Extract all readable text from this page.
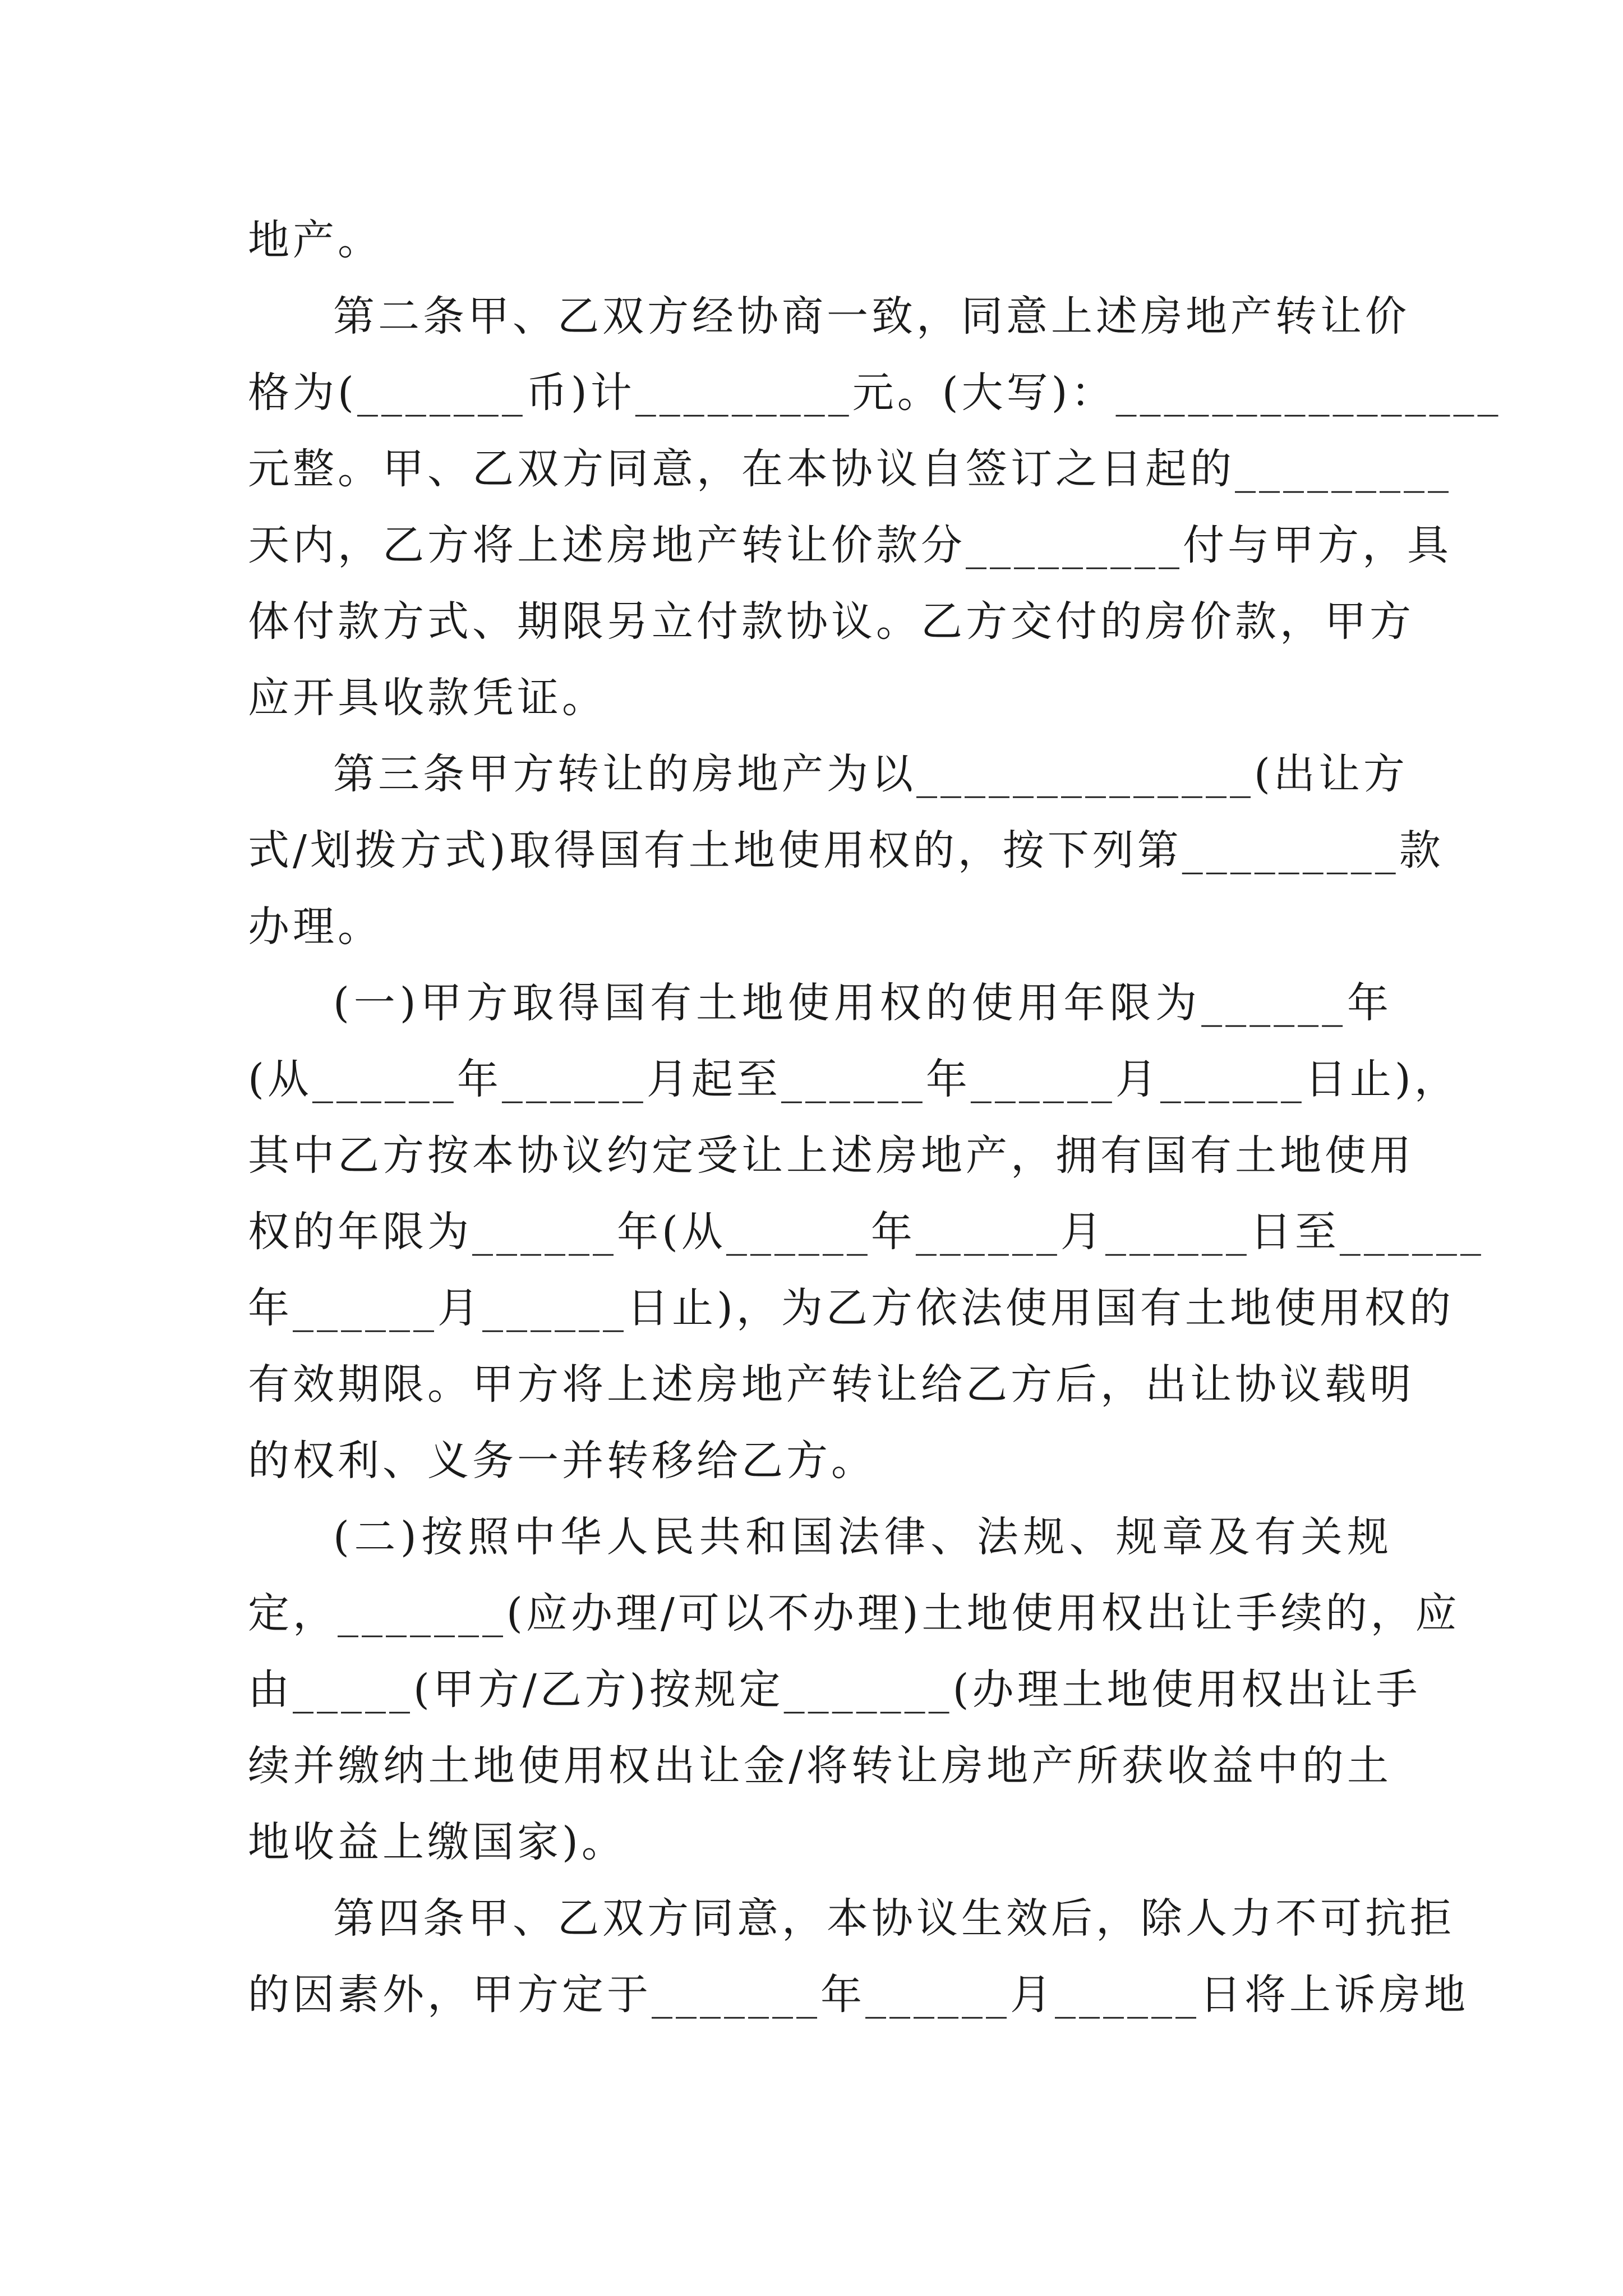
地产。
第二条甲、乙双方经协商一致，同意上述房地产转让价
格为(_______币)计_________元。(大写)：________________
元整。甲、乙双方同意，在本协议自签订之日起的_________
天内，乙方将上述房地产转让价款分_________付与甲方，具
体付款方式、期限另立付款协议。乙方交付的房价款，甲方
应开具收款凭证。
第三条甲方转让的房地产为以______________(出让方
式/划拨方式)取得国有土地使用权的，按下列第_________款
办理。
(一)甲方取得国有土地使用权的使用年限为______年
(从______年______月起至______年______月______日止)，
其中乙方按本协议约定受让上述房地产，拥有国有土地使用
权的年限为______年(从______年______月______日至______
年______月______日止)，为乙方依法使用国有土地使用权的
有效期限。甲方将上述房地产转让给乙方后，出让协议载明
的权利、义务一并转移给乙方。
(二)按照中华人民共和国法律、法规、规章及有关规
定，_______(应办理/可以不办理)土地使用权出让手续的，应
由_____(甲方/乙方)按规定_______(办理土地使用权出让手
续并缴纳土地使用权出让金/将转让房地产所获收益中的土
地收益上缴国家)。
第四条甲、乙双方同意，本协议生效后，除人力不可抗拒
的因素外，甲方定于_______年______月______日将上诉房地
